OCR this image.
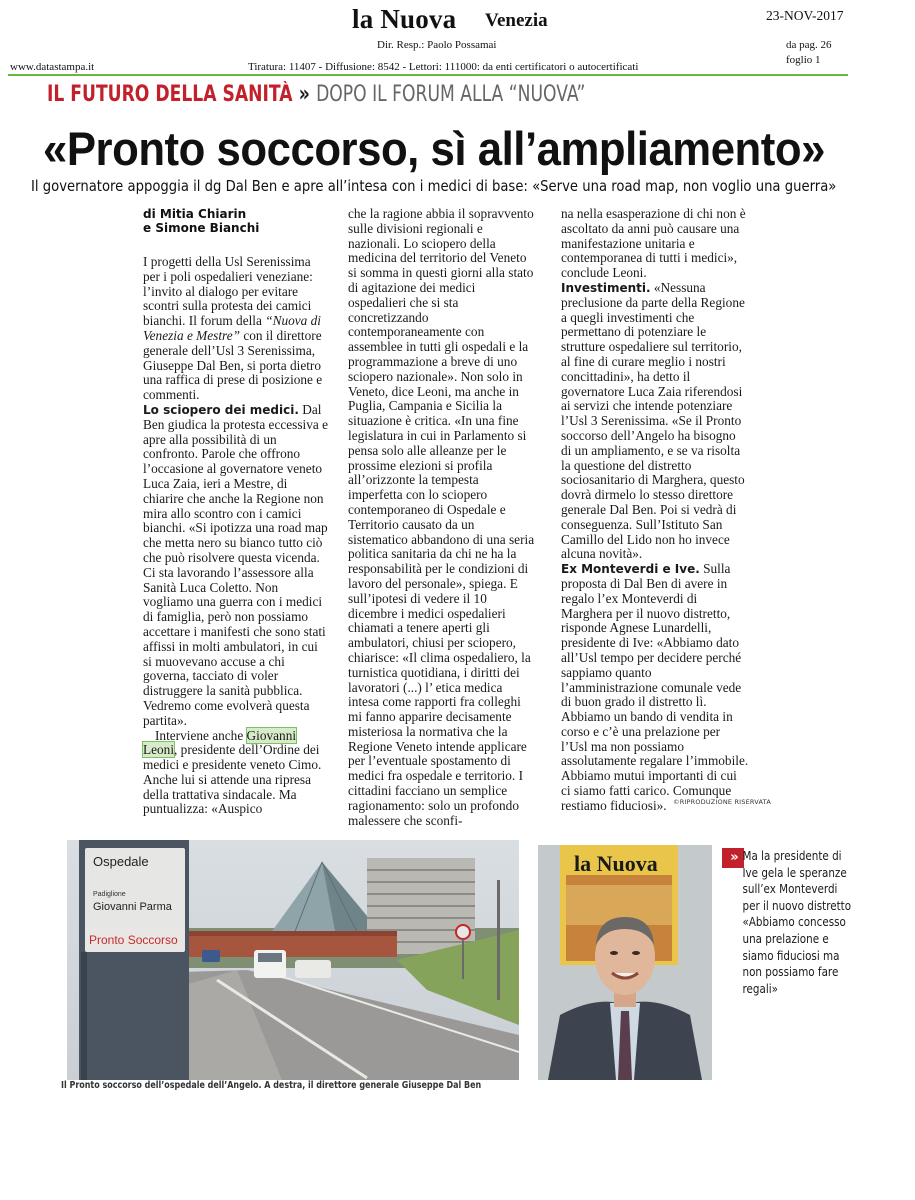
la Nuova Venezia	23-NOV-2017
Dir. Resp.: Paolo Possamai	da pag. 26
foglio 1
www.datastampa.it	Tiratura: 11407 - Diffusione: 8542 - Lettori: 111000: da enti certificatori o autocertificati
IL FUTURO DELLA SANITÀ » DOPO IL FORUM ALLA “NUOVA”
«Pronto soccorso, sì all’ampliamento»
Il governatore appoggia il dg Dal Ben e apre all’intesa con i medici di base: «Serve una road map, non voglio una guerra»
di Mitia Chiarin
e Simone Bianchi

I progetti della Usl Serenissima per i poli ospedalieri veneziane: l’invito al dialogo per evitare scontri sulla protesta dei camici bianchi. Il forum della “Nuova di Venezia e Mestre” con il direttore generale dell’Usl 3 Serenissima, Giuseppe Dal Ben, si porta dietro una raffica di prese di posizione e commenti.

Lo sciopero dei medici. Dal Ben giudica la protesta eccessiva e apre alla possibilità di un confronto. Parole che offrono l’occasione al governatore veneto Luca Zaia, ieri a Mestre, di chiarire che anche la Regione non mira allo scontro con i camici bianchi. «Si ipotizza una road map che metta nero su bianco tutto ciò che può risolvere questa vicenda. Ci sta lavorando l’assessore alla Sanità Luca Coletto. Non vogliamo una guerra con i medici di famiglia, però non possiamo accettare i manifesti che sono stati affissi in molti ambulatori, in cui si muovevano accuse a chi governa, tacciato di voler distruggere la sanità pubblica. Vedremo come evolverà questa partita».

Interviene anche Giovanni Leoni, presidente dell’Ordine dei medici e presidente veneto Cimo. Anche lui si attende una ripresa della trattativa sindacale. Ma puntualizza: «Auspico

che la ragione abbia il sopravvento sulle divisioni regionali e nazionali. Lo sciopero della medicina del territorio del Veneto si somma in questi giorni alla stato di agitazione dei medici ospedalieri che si sta concretizzando contemporaneamente con assemblee in tutti gli ospedali e la programmazione a breve di uno sciopero nazionale». Non solo in Veneto, dice Leoni, ma anche in Puglia, Campania e Sicilia la situazione è critica. «In una fine legislatura in cui in Parlamento si pensa solo alle alleanze per le prossime elezioni si profila all’orizzonte la tempesta imperfetta con lo sciopero contemporaneo di Ospedale e Territorio causato da un sistematico abbandono di una seria politica sanitaria da chi ne ha la responsabilità per le condizioni di lavoro del personale», spiega. E sull’ipotesi di vedere il 10 dicembre i medici ospedalieri chiamati a tenere aperti gli ambulatori, chiusi per sciopero, chiarisce: «Il clima ospedaliero, la turnistica quotidiana, i diritti dei lavoratori (...) l’ etica medica intesa come rapporti fra colleghi mi fanno apparire decisamente misteriosa la normativa che la Regione Veneto intende applicare per l’eventuale spostamento di medici fra ospedale e territorio. I cittadini facciano un semplice ragionamento: solo un profondo malessere che sconfi-

na nella esasperazione di chi non è ascoltato da anni può causare una manifestazione unitaria e contemporanea di tutti i medici», conclude Leoni.

Investimenti. «Nessuna preclusione da parte della Regione a quegli investimenti che permettano di potenziare le strutture ospedaliere sul territorio, al fine di curare meglio i nostri concittadini», ha detto il governatore Luca Zaia riferendosi ai servizi che intende potenziare l’Usl 3 Serenissima. «Se il Pronto soccorso dell’Angelo ha bisogno di un ampliamento, e se va risolta la questione del distretto sociosanitario di Marghera, questo dovrà dirmelo lo stesso direttore generale Dal Ben. Poi si vedrà di conseguenza. Sull’Istituto San Camillo del Lido non ho invece alcuna novità».

Ex Monteverdi e Ive. Sulla proposta di Dal Ben di avere in regalo l’ex Monteverdi di Marghera per il nuovo distretto, risponde Agnese Lunardelli, presidente di Ive: «Abbiamo dato all’Usl tempo per decidere perché sappiamo quanto l’amministrazione comunale vede di buon grado il distretto lì. Abbiamo un bando di vendita in corso e c’è una prelazione per l’Usl ma non possiamo assolutamente regalare l’immobile. Abbiamo mutui importanti di cui ci siamo fatti carico. Comunque restiamo fiduciosi». ©RIPRODUZIONE RISERVATA
Ospedale
Padiglione
Giovanni Parma
Pronto Soccorso
la Nuova
Il Pronto soccorso dell’ospedale dell’Angelo. A destra, il direttore generale Giuseppe Dal Ben
» Ma la presidente di Ive gela le speranze sull’ex Monteverdi per il nuovo distretto «Abbiamo concesso una prelazione e siamo fiduciosi ma non possiamo fare regali»
